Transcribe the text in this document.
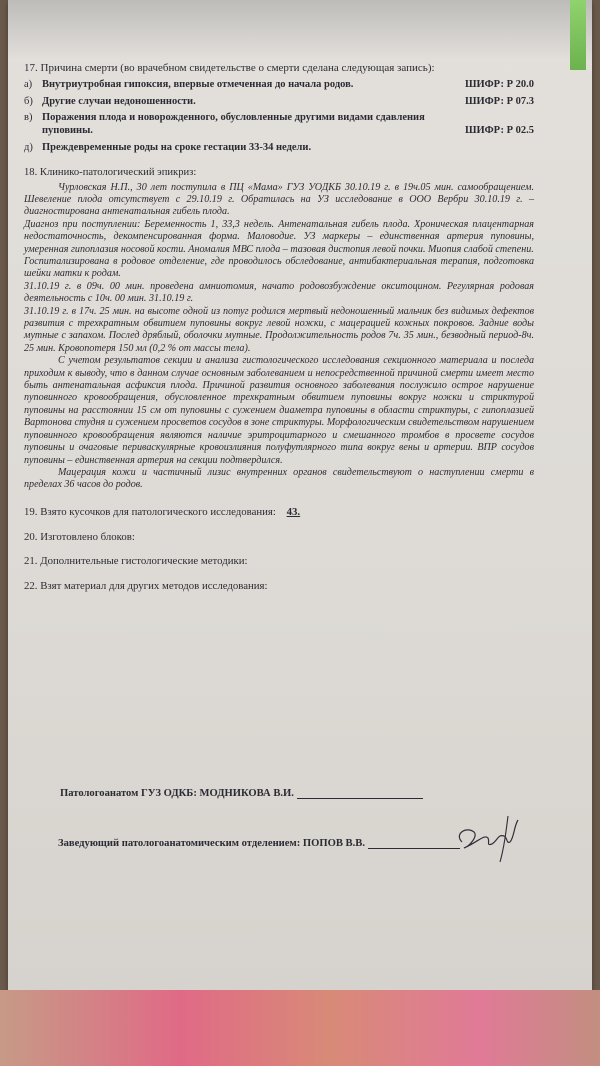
17. Причина смерти (во врачебном свидетельстве о смерти сделана следующая запись):
а) Внутриутробная гипоксия, впервые отмеченная до начала родов.	ШИФР: Р 20.0
б) Другие случаи недоношенности.	ШИФР: Р 07.3
в) Поражения плода и новорожденного, обусловленные другими видами сдавления пуповины.	ШИФР: Р 02.5
д) Преждевременные роды на сроке гестации 33-34 недели.
18. Клинико-патологический эпикриз:

Чурловская Н.П., 30 лет поступила в ПЦ «Мама» ГУЗ УОДКБ 30.10.19 г. в 19ч.05 мин. самообращением. Шевеление плода отсутствует с 29.10.19 г. Обратилась на УЗ исследование в ООО Вербри 30.10.19 г. – диагностирована антенатальная гибель плода.

Диагноз при поступлении: Беременность 1, 33,3 недель. Антенатальная гибель плода. Хроническая плацентарная недостаточность, декомпенсированная форма. Маловодие. УЗ маркеры – единственная артерия пуповины, умеренная гипоплазия носовой кости. Аномалия МВС плода – тазовая дистопия левой почки. Миопия слабой степени.

Госпитализирована в родовое отделение, где проводилось обследование, антибактериальная терапия, подготовка шейки матки к родам.

31.10.19 г. в 09ч. 00 мин. проведена амниотомия, начато родовозбуждение окситоцином. Регулярная родовая деятельность с 10ч. 00 мин. 31.10.19 г.

31.10.19 г. в 17ч. 25 мин. на высоте одной из потуг родился мертвый недоношенный мальчик без видимых дефектов развития с трехкратным обвитием пуповины вокруг левой ножки, с мацерацией кожных покровов. Задние воды мутные с запахом. Послед дряблый, оболочки мутные. Продолжительность родов 7ч. 35 мин., безводный период-8ч. 25 мин. Кровопотеря 150 мл (0,2 % от массы тела).

С учетом результатов секции и анализа гистологического исследования секционного материала и последа приходим к выводу, что в данном случае основным заболеванием и непосредственной причиной смерти имеет место быть антенатальная асфиксия плода. Причиной развития основного заболевания послужило острое нарушение пуповинного кровообращения, обусловленное трехкратным обвитием пуповины вокруг ножки и стриктурой пуповины на расстоянии 15 см от пуповины с сужением диаметра пуповины в области стриктуры, с гипоплазией Вартонова студня и сужением просветов сосудов в зоне стриктуры. Морфологическим свидетельством нарушением пуповинного кровообращения являются наличие эритроцитарного и смешанного тромбов в просвете сосудов пуповины и очаговые периваскулярные кровоизлияния полуфутлярного типа вокруг вены и артерии. ВПР сосудов пуповины – единственная артерия на секции подтвердился.

Мацерация кожи и частичный лизис внутренних органов свидетельствуют о наступлении смерти в пределах 36 часов до родов.

19. Взято кусочков для патологического исследования: 43.
20. Изготовлено блоков:
21. Дополнительные гистологические методики:
22. Взят материал для других методов исследования:
Патологоанатом ГУЗ ОДКБ: МОДНИКОВА В.И.
Заведующий патологоанатомическим отделением: ПОПОВ В.В.
